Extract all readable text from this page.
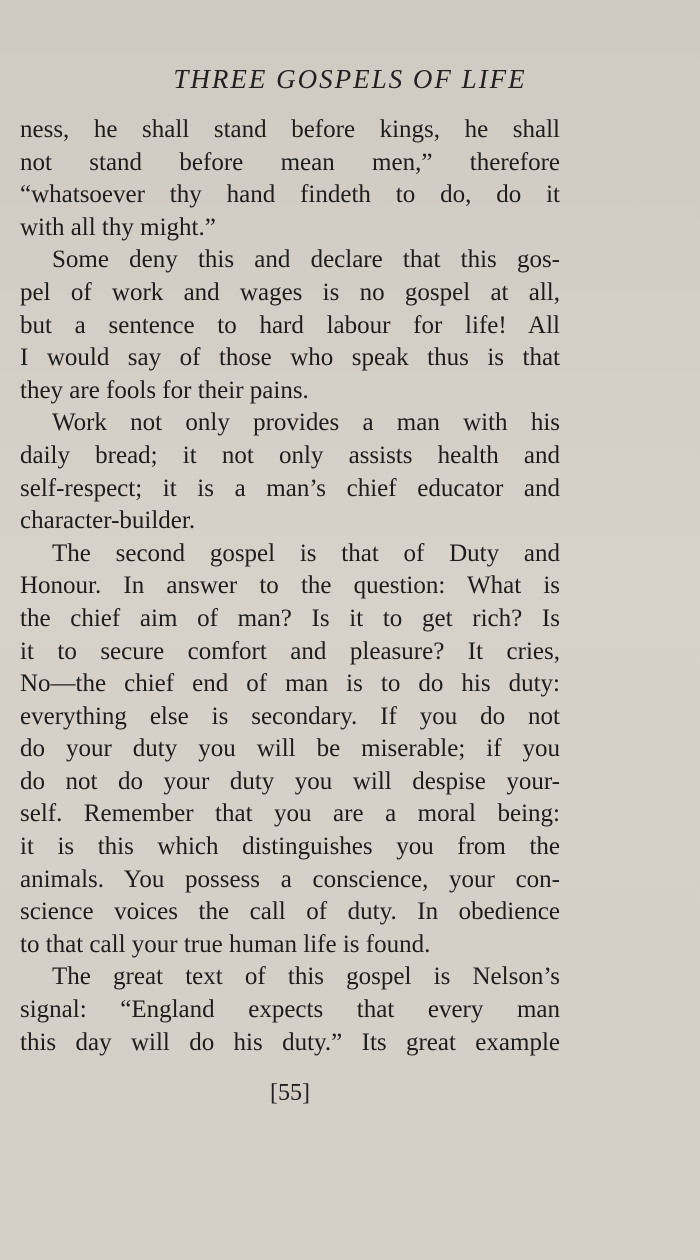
THREE GOSPELS OF LIFE
ness, he shall stand before kings, he shall
not stand before mean men,” therefore
“whatsoever thy hand findeth to do, do it
with all thy might.”
Some deny this and declare that this gos-
pel of work and wages is no gospel at all,
but a sentence to hard labour for life! All
I would say of those who speak thus is that
they are fools for their pains.
Work not only provides a man with his
daily bread; it not only assists health and
self-respect; it is a man’s chief educator and
character-builder.
The second gospel is that of Duty and
Honour. In answer to the question: What is
the chief aim of man? Is it to get rich? Is
it to secure comfort and pleasure? It cries,
No—the chief end of man is to do his duty:
everything else is secondary. If you do not
do your duty you will be miserable; if you
do not do your duty you will despise your-
self. Remember that you are a moral being:
it is this which distinguishes you from the
animals. You possess a conscience, your con-
science voices the call of duty. In obedience
to that call your true human life is found.
The great text of this gospel is Nelson’s
signal: “England expects that every man
this day will do his duty.” Its great example
[55]
